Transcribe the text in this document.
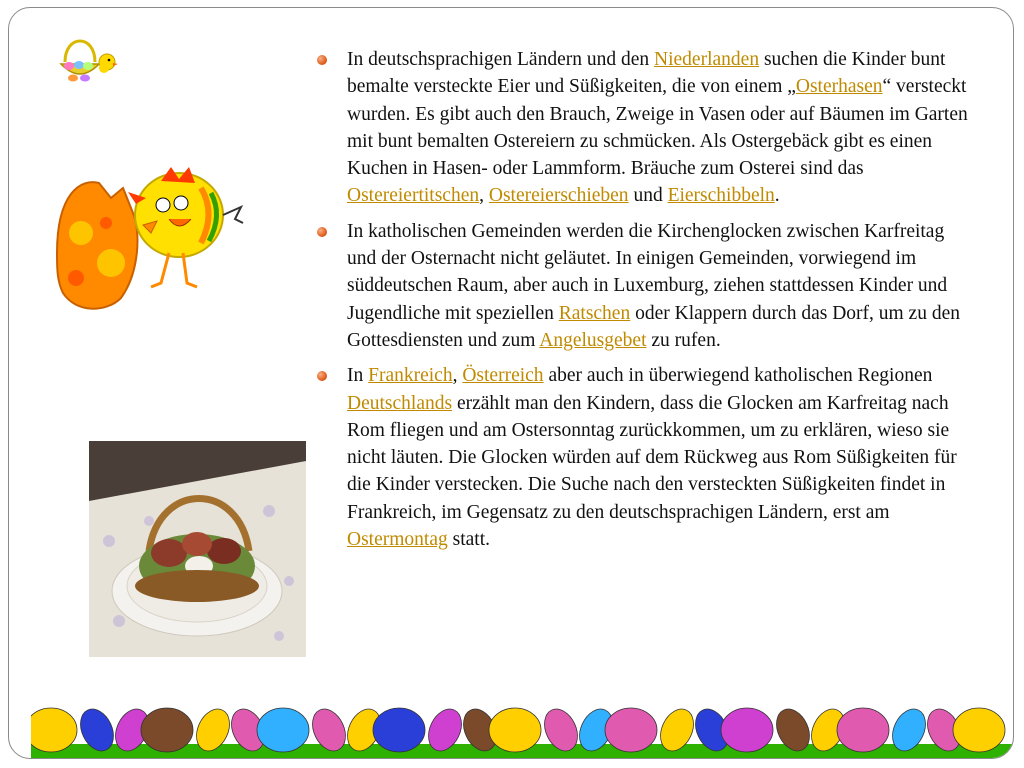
In deutschsprachigen Ländern und den Niederlanden suchen die Kinder bunt bemalte versteckte Eier und Süßigkeiten, die von einem „Osterhasen“ versteckt wurden. Es gibt auch den Brauch, Zweige in Vasen oder auf Bäumen im Garten mit bunt bemalten Ostereiern zu schmücken. Als Ostergebäck gibt es einen Kuchen in Hasen- oder Lammform. Bräuche zum Osterei sind das Ostereiertitschen, Ostereierschieben und Eierschibbeln.
In katholischen Gemeinden werden die Kirchenglocken zwischen Karfreitag und der Osternacht nicht geläutet. In einigen Gemeinden, vorwiegend im süddeutschen Raum, aber auch in Luxemburg, ziehen stattdessen Kinder und Jugendliche mit speziellen Ratschen oder Klappern durch das Dorf, um zu den Gottesdiensten und zum Angelusgebet zu rufen.
In Frankreich, Österreich aber auch in überwiegend katholischen Regionen Deutschlands erzählt man den Kindern, dass die Glocken am Karfreitag nach Rom fliegen und am Ostersonntag zurückkommen, um zu erklären, wieso sie nicht läuten. Die Glocken würden auf dem Rückweg aus Rom Süßigkeiten für die Kinder verstecken. Die Suche nach den versteckten Süßigkeiten findet in Frankreich, im Gegensatz zu den deutschsprachigen Ländern, erst am Ostermontag statt.
